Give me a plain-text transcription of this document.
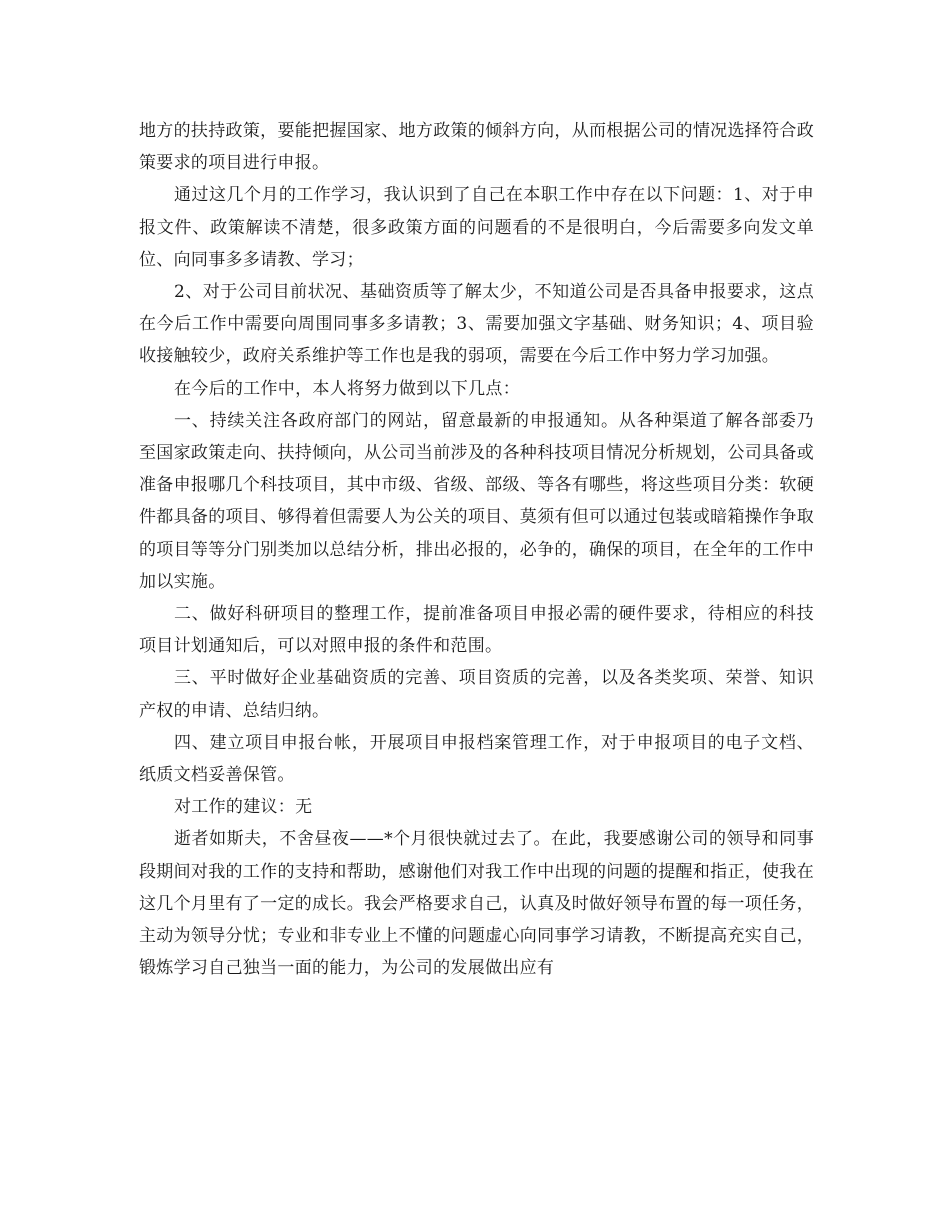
地方的扶持政策，要能把握国家、地方政策的倾斜方向，从而根据公司的情况选择符合政策要求的项目进行申报。

通过这几个月的工作学习，我认识到了自己在本职工作中存在以下问题：1、对于申报文件、政策解读不清楚，很多政策方面的问题看的不是很明白，今后需要多向发文单位、向同事多多请教、学习；

2、对于公司目前状况、基础资质等了解太少，不知道公司是否具备申报要求，这点在今后工作中需要向周围同事多多请教；3、需要加强文字基础、财务知识；4、项目验收接触较少，政府关系维护等工作也是我的弱项，需要在今后工作中努力学习加强。

在今后的工作中，本人将努力做到以下几点：

一、持续关注各政府部门的网站，留意最新的申报通知。从各种渠道了解各部委乃至国家政策走向、扶持倾向，从公司当前涉及的各种科技项目情况分析规划，公司具备或准备申报哪几个科技项目，其中市级、省级、部级、等各有哪些，将这些项目分类：软硬件都具备的项目、够得着但需要人为公关的项目、莫须有但可以通过包装或暗箱操作争取的项目等等分门别类加以总结分析，排出必报的，必争的，确保的项目，在全年的工作中加以实施。

二、做好科研项目的整理工作，提前准备项目申报必需的硬件要求，待相应的科技项目计划通知后，可以对照申报的条件和范围。

三、平时做好企业基础资质的完善、项目资质的完善，以及各类奖项、荣誉、知识产权的申请、总结归纳。

四、建立项目申报台帐，开展项目申报档案管理工作，对于申报项目的电子文档、纸质文档妥善保管。

对工作的建议：无

逝者如斯夫，不舍昼夜——*个月很快就过去了。在此，我要感谢公司的领导和同事段期间对我的工作的支持和帮助，感谢他们对我工作中出现的问题的提醒和指正，使我在这几个月里有了一定的成长。我会严格要求自己，认真及时做好领导布置的每一项任务，主动为领导分忧；专业和非专业上不懂的问题虚心向同事学习请教，不断提高充实自己，锻炼学习自己独当一面的能力，为公司的发展做出应有
